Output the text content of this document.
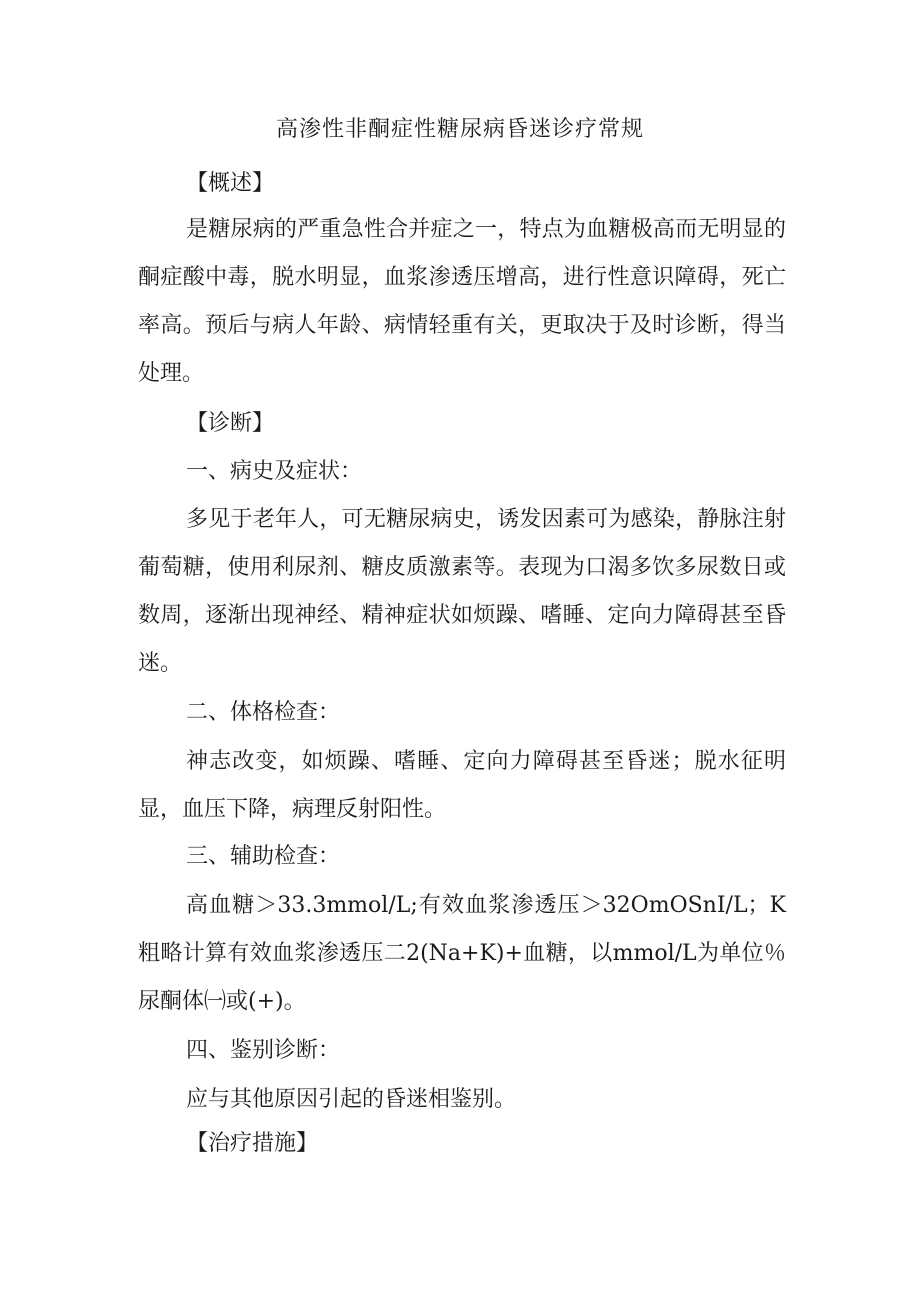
高渗性非酮症性糖尿病昏迷诊疗常规
【概述】

是糖尿病的严重急性合并症之一，特点为血糖极高而无明显的酮症酸中毒，脱水明显，血浆渗透压增高，进行性意识障碍，死亡率高。预后与病人年龄、病情轻重有关，更取决于及时诊断，得当处理。

【诊断】
一、病史及症状：

多见于老年人，可无糖尿病史，诱发因素可为感染，静脉注射葡萄糖，使用利尿剂、糖皮质激素等。表现为口渴多饮多尿数日或数周，逐渐出现神经、精神症状如烦躁、嗜睡、定向力障碍甚至昏迷。

二、体格检查：

神志改变，如烦躁、嗜睡、定向力障碍甚至昏迷；脱水征明显，血压下降，病理反射阳性。

三、辅助检查：

高血糖＞33.3mmol/L;有效血浆渗透压＞32OmOSnI/L；K粗略计算有效血浆渗透压二2(Na+K)+血糖，以mmol/L为单位％尿酮体㈠或(+)。

四、鉴别诊断：

应与其他原因引起的昏迷相鉴别。

【治疗措施】
